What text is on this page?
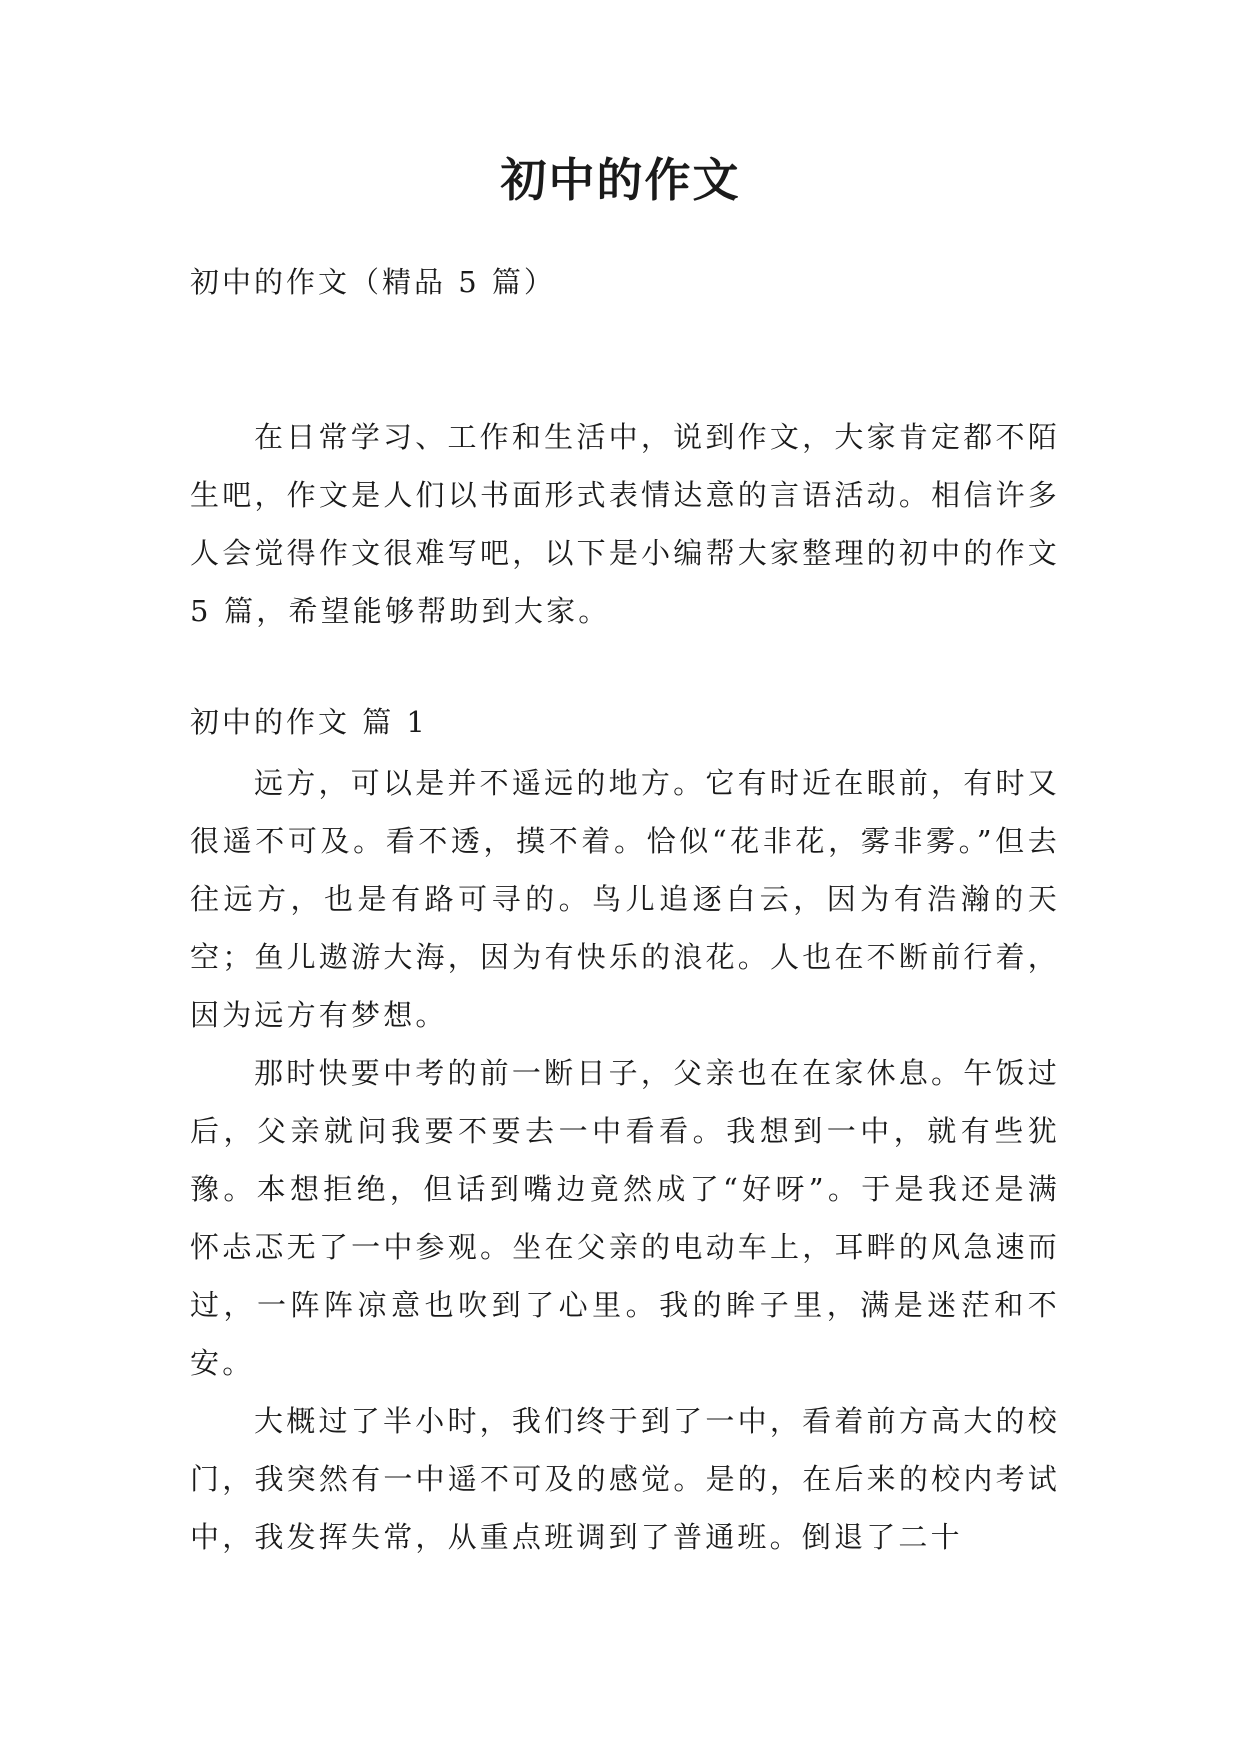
初中的作文

初中的作文（精品 5 篇）

在日常学习、工作和生活中，说到作文，大家肯定都不陌生吧，作文是人们以书面形式表情达意的言语活动。相信许多人会觉得作文很难写吧，以下是小编帮大家整理的初中的作文 5 篇，希望能够帮助到大家。

初中的作文 篇 1

远方，可以是并不遥远的地方。它有时近在眼前，有时又很遥不可及。看不透，摸不着。恰似“花非花，雾非雾。”但去往远方，也是有路可寻的。鸟儿追逐白云，因为有浩瀚的天空；鱼儿遨游大海，因为有快乐的浪花。人也在不断前行着，因为远方有梦想。

那时快要中考的前一断日子，父亲也在在家休息。午饭过后，父亲就问我要不要去一中看看。我想到一中，就有些犹豫。本想拒绝，但话到嘴边竟然成了“好呀”。于是我还是满怀忐忑无了一中参观。坐在父亲的电动车上，耳畔的风急速而过，一阵阵凉意也吹到了心里。我的眸子里，满是迷茫和不安。

大概过了半小时，我们终于到了一中，看着前方高大的校门，我突然有一中遥不可及的感觉。是的，在后来的校内考试中，我发挥失常，从重点班调到了普通班。倒退了二十
